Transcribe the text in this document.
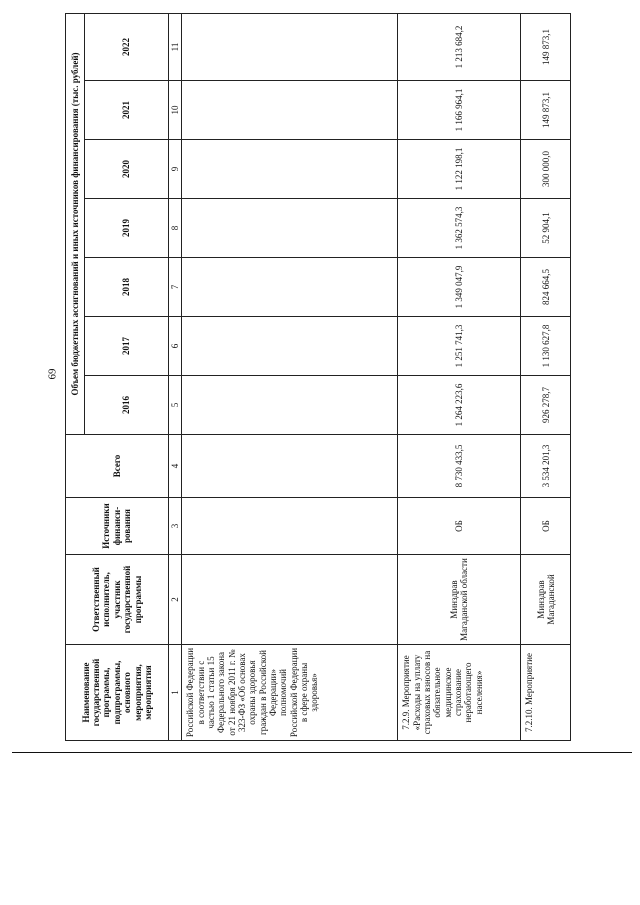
69
Наименование государственной программы, подпрограммы, основного мероприятия, мероприятия	Ответственный исполнитель, участник государственной программы	Источники финанси-рования	Всего	Объем бюджетных ассигнований и иных источников финансирования (тыс. рублей)						
				2016	2017	2018	2019	2020	2021	2022
1	2	3	4	5	6	7	8	9	10	11
Российской Федерации в соответствии с частью 1 статьи 15 Федерального закона от 21 ноября 2011 г. № 323-ФЗ «Об основах охраны здоровья граждан в Российской Федерации» полномочий Российской Федерации в сфере охраны здоровья»										
7.2.9. Мероприятие «Расходы на уплату страховых взносов на обязательное медицинское страхование неработающего населения»	Минздрав Магаданской области	ОБ	8 730 433,5	1 264 223,6	1 251 741,3	1 349 047,9	1 362 574,3	1 122 198,1	1 166 964,1	1 213 684,2
7.2.10. Мероприятие	Минздрав Магаданской	ОБ	3 534 201,3	926 278,7	1 130 627,8	824 664,5	52 904,1	300 000,0	149 873,1	149 873,1
